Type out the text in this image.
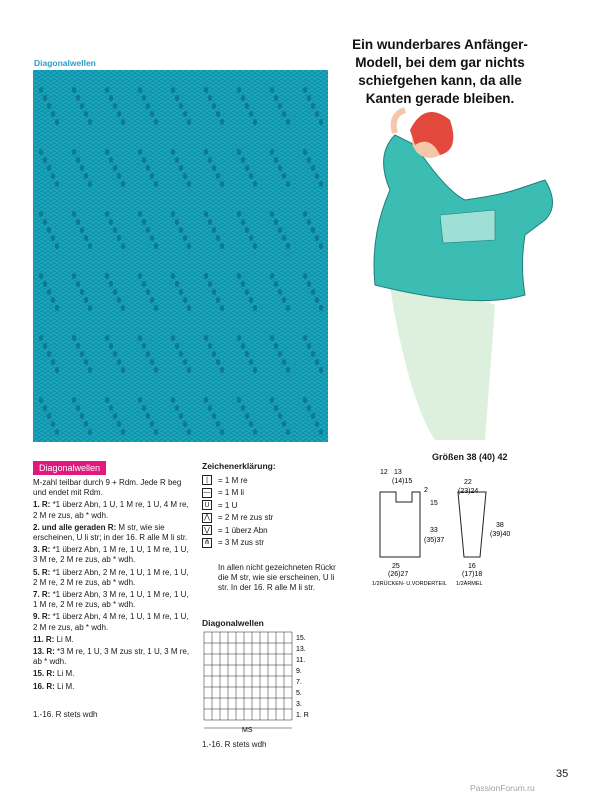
Diagonalwellen
Ein wunderbares Anfänger-
Modell, bei dem gar nichts
schiefgehen kann, da alle
Kanten gerade bleiben.
Größen 38 (40) 42
12 13
(14)15
2
15
33
(35)37
25
(26)27
22
(23)24
38
(39)40
16
(17)18
1/2RÜCKEN- U.VORDERTEIL 1/2ÄRMEL
Diagonalwellen

M-zahl teilbar durch 9 + Rdm. Jede R beg und endet mit Rdm.

1. R: *1 überz Abn, 1 U, 1 M re, 1 U, 4 M re, 2 M re zus, ab * wdh.

2. und alle geraden R: M str, wie sie erscheinen, U li str; in der 16. R alle M li str.

3. R: *1 überz Abn, 1 M re, 1 U, 1 M re, 1 U, 3 M re, 2 M re zus, ab * wdh.

5. R: *1 überz Abn, 2 M re, 1 U, 1 M re, 1 U, 2 M re, 2 M re zus, ab * wdh.

7. R: *1 überz Abn, 3 M re, 1 U, 1 M re, 1 U, 1 M re, 2 M re zus, ab * wdh.

9. R: *1 überz Abn, 4 M re, 1 U, 1 M re, 1 U, 2 M re zus, ab * wdh.

11. R: Li M.

13. R: *3 M re, 1 U, 3 M zus str, 1 U, 3 M re, ab * wdh.

15. R: Li M.

16. R: Li M.

1.-16. R stets wdh
Zeichenerklärung:
|	= 1 M re
— = 1 M li
U	= 1 U
⋀ = 2 M re zus str
⋁ = 1 überz Abn
⋔ = 3 M zus str
In allen nicht gezeichneten Rückr die M str, wie sie erscheinen, U li str. In der 16. R alle M li str.
Diagonalwellen
15.
13.
11.
9.
7.
5.
3.
1. R
MS
1.-16. R stets wdh
35
PassionForum.ru
